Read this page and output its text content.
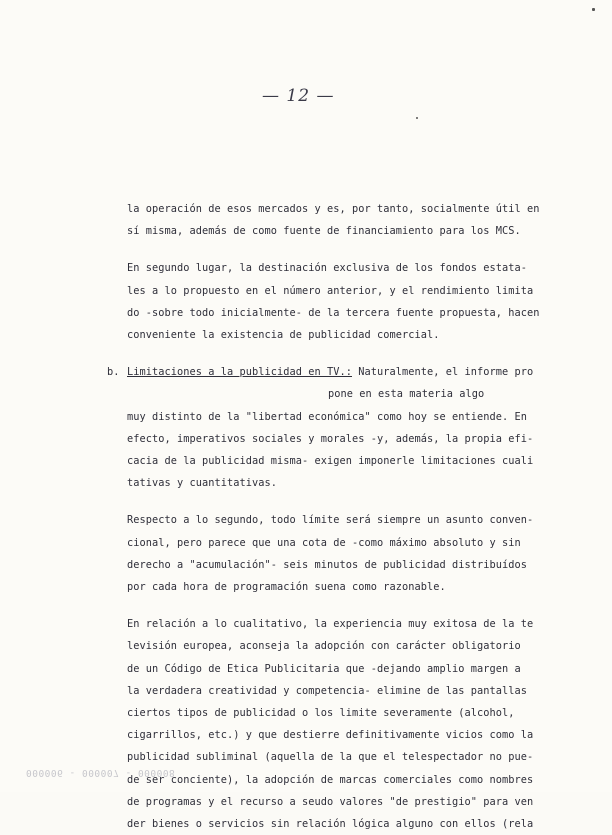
— 12 —
la operación de esos mercados y es, por tanto, socialmente útil en
sí misma, además de como fuente de financiamiento para los MCS.
En segundo lugar, la destinación exclusiva de los fondos estata-
les a lo propuesto en el número anterior, y el rendimiento limita
do -sobre todo inicialmente- de la tercera fuente propuesta, hacen
conveniente la existencia de publicidad comercial.
b. Limitaciones a la publicidad en TV.: Naturalmente, el informe pro
pone en esta materia algo
muy distinto de la "libertad económica" como hoy se entiende. En
efecto, imperativos sociales y morales -y, además, la propia efi-
cacia de la publicidad misma- exigen imponerle limitaciones cuali
tativas y cuantitativas.
Respecto a lo segundo, todo límite será siempre un asunto conven-
cional, pero parece que una cota de -como máximo absoluto y sin
derecho a "acumulación"- seis minutos de publicidad distribuídos
por cada hora de programación suena como razonable.
En relación a lo cualitativo, la experiencia muy exitosa de la te
levisión europea, aconseja la adopción con carácter obligatorio
de un Código de Etica Publicitaria que -dejando amplio margen a
la verdadera creatividad y competencia- elimine de las pantallas
ciertos tipos de publicidad o los limite severamente (alcohol,
cigarrillos, etc.) y que destierre definitivamente vicios como la
publicidad subliminal (aquella de la que el telespectador no pue-
de ser conciente), la adopción de marcas comerciales como nombres
de programas y el recurso a seudo valores "de prestigio" para ven
der bienes o servicios sin relación lógica alguno con ellos (rela
000006 - 000007 - 000008
